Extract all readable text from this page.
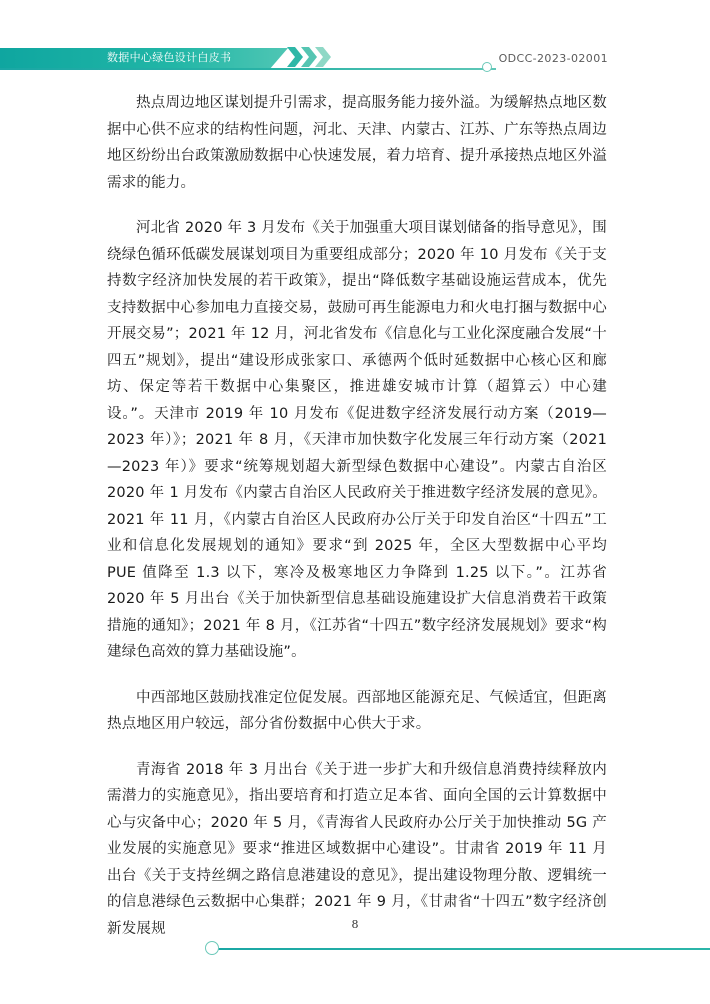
数据中心绿色设计白皮书	ODCC-2023-02001

热点周边地区谋划提升引需求，提高服务能力接外溢。为缓解热点地区数据中心供不应求的结构性问题，河北、天津、内蒙古、江苏、广东等热点周边地区纷纷出台政策激励数据中心快速发展，着力培育、提升承接热点地区外溢需求的能力。

河北省 2020 年 3 月发布《关于加强重大项目谋划储备的指导意见》，围绕绿色循环低碳发展谋划项目为重要组成部分；2020 年 10 月发布《关于支持数字经济加快发展的若干政策》，提出“降低数字基础设施运营成本，优先支持数据中心参加电力直接交易，鼓励可再生能源电力和火电打捆与数据中心开展交易”；2021 年 12 月，河北省发布《信息化与工业化深度融合发展“十四五”规划》，提出“建设形成张家口、承德两个低时延数据中心核心区和廊坊、保定等若干数据中心集聚区，推进雄安城市计算（超算云）中心建设。”。天津市 2019 年 10 月发布《促进数字经济发展行动方案（2019—2023 年）》；2021 年 8 月，《天津市加快数字化发展三年行动方案（2021—2023 年）》要求“统筹规划超大新型绿色数据中心建设”。内蒙古自治区 2020 年 1 月发布《内蒙古自治区人民政府关于推进数字经济发展的意见》。2021 年 11 月，《内蒙古自治区人民政府办公厅关于印发自治区“十四五”工业和信息化发展规划的通知》要求“到 2025 年，全区大型数据中心平均 PUE 值降至 1.3 以下，寒冷及极寒地区力争降到 1.25 以下。”。江苏省 2020 年 5 月出台《关于加快新型信息基础设施建设扩大信息消费若干政策措施的通知》；2021 年 8 月，《江苏省“十四五”数字经济发展规划》要求“构建绿色高效的算力基础设施”。

中西部地区鼓励找准定位促发展。西部地区能源充足、气候适宜，但距离热点地区用户较远，部分省份数据中心供大于求。

青海省 2018 年 3 月出台《关于进一步扩大和升级信息消费持续释放内需潜力的实施意见》，指出要培育和打造立足本省、面向全国的云计算数据中心与灾备中心；2020 年 5 月，《青海省人民政府办公厅关于加快推动 5G 产业发展的实施意见》要求“推进区域数据中心建设”。甘肃省 2019 年 11 月出台《关于支持丝绸之路信息港建设的意见》，提出建设物理分散、逻辑统一的信息港绿色云数据中心集群；2021 年 9 月，《甘肃省“十四五”数字经济创新发展规	8
